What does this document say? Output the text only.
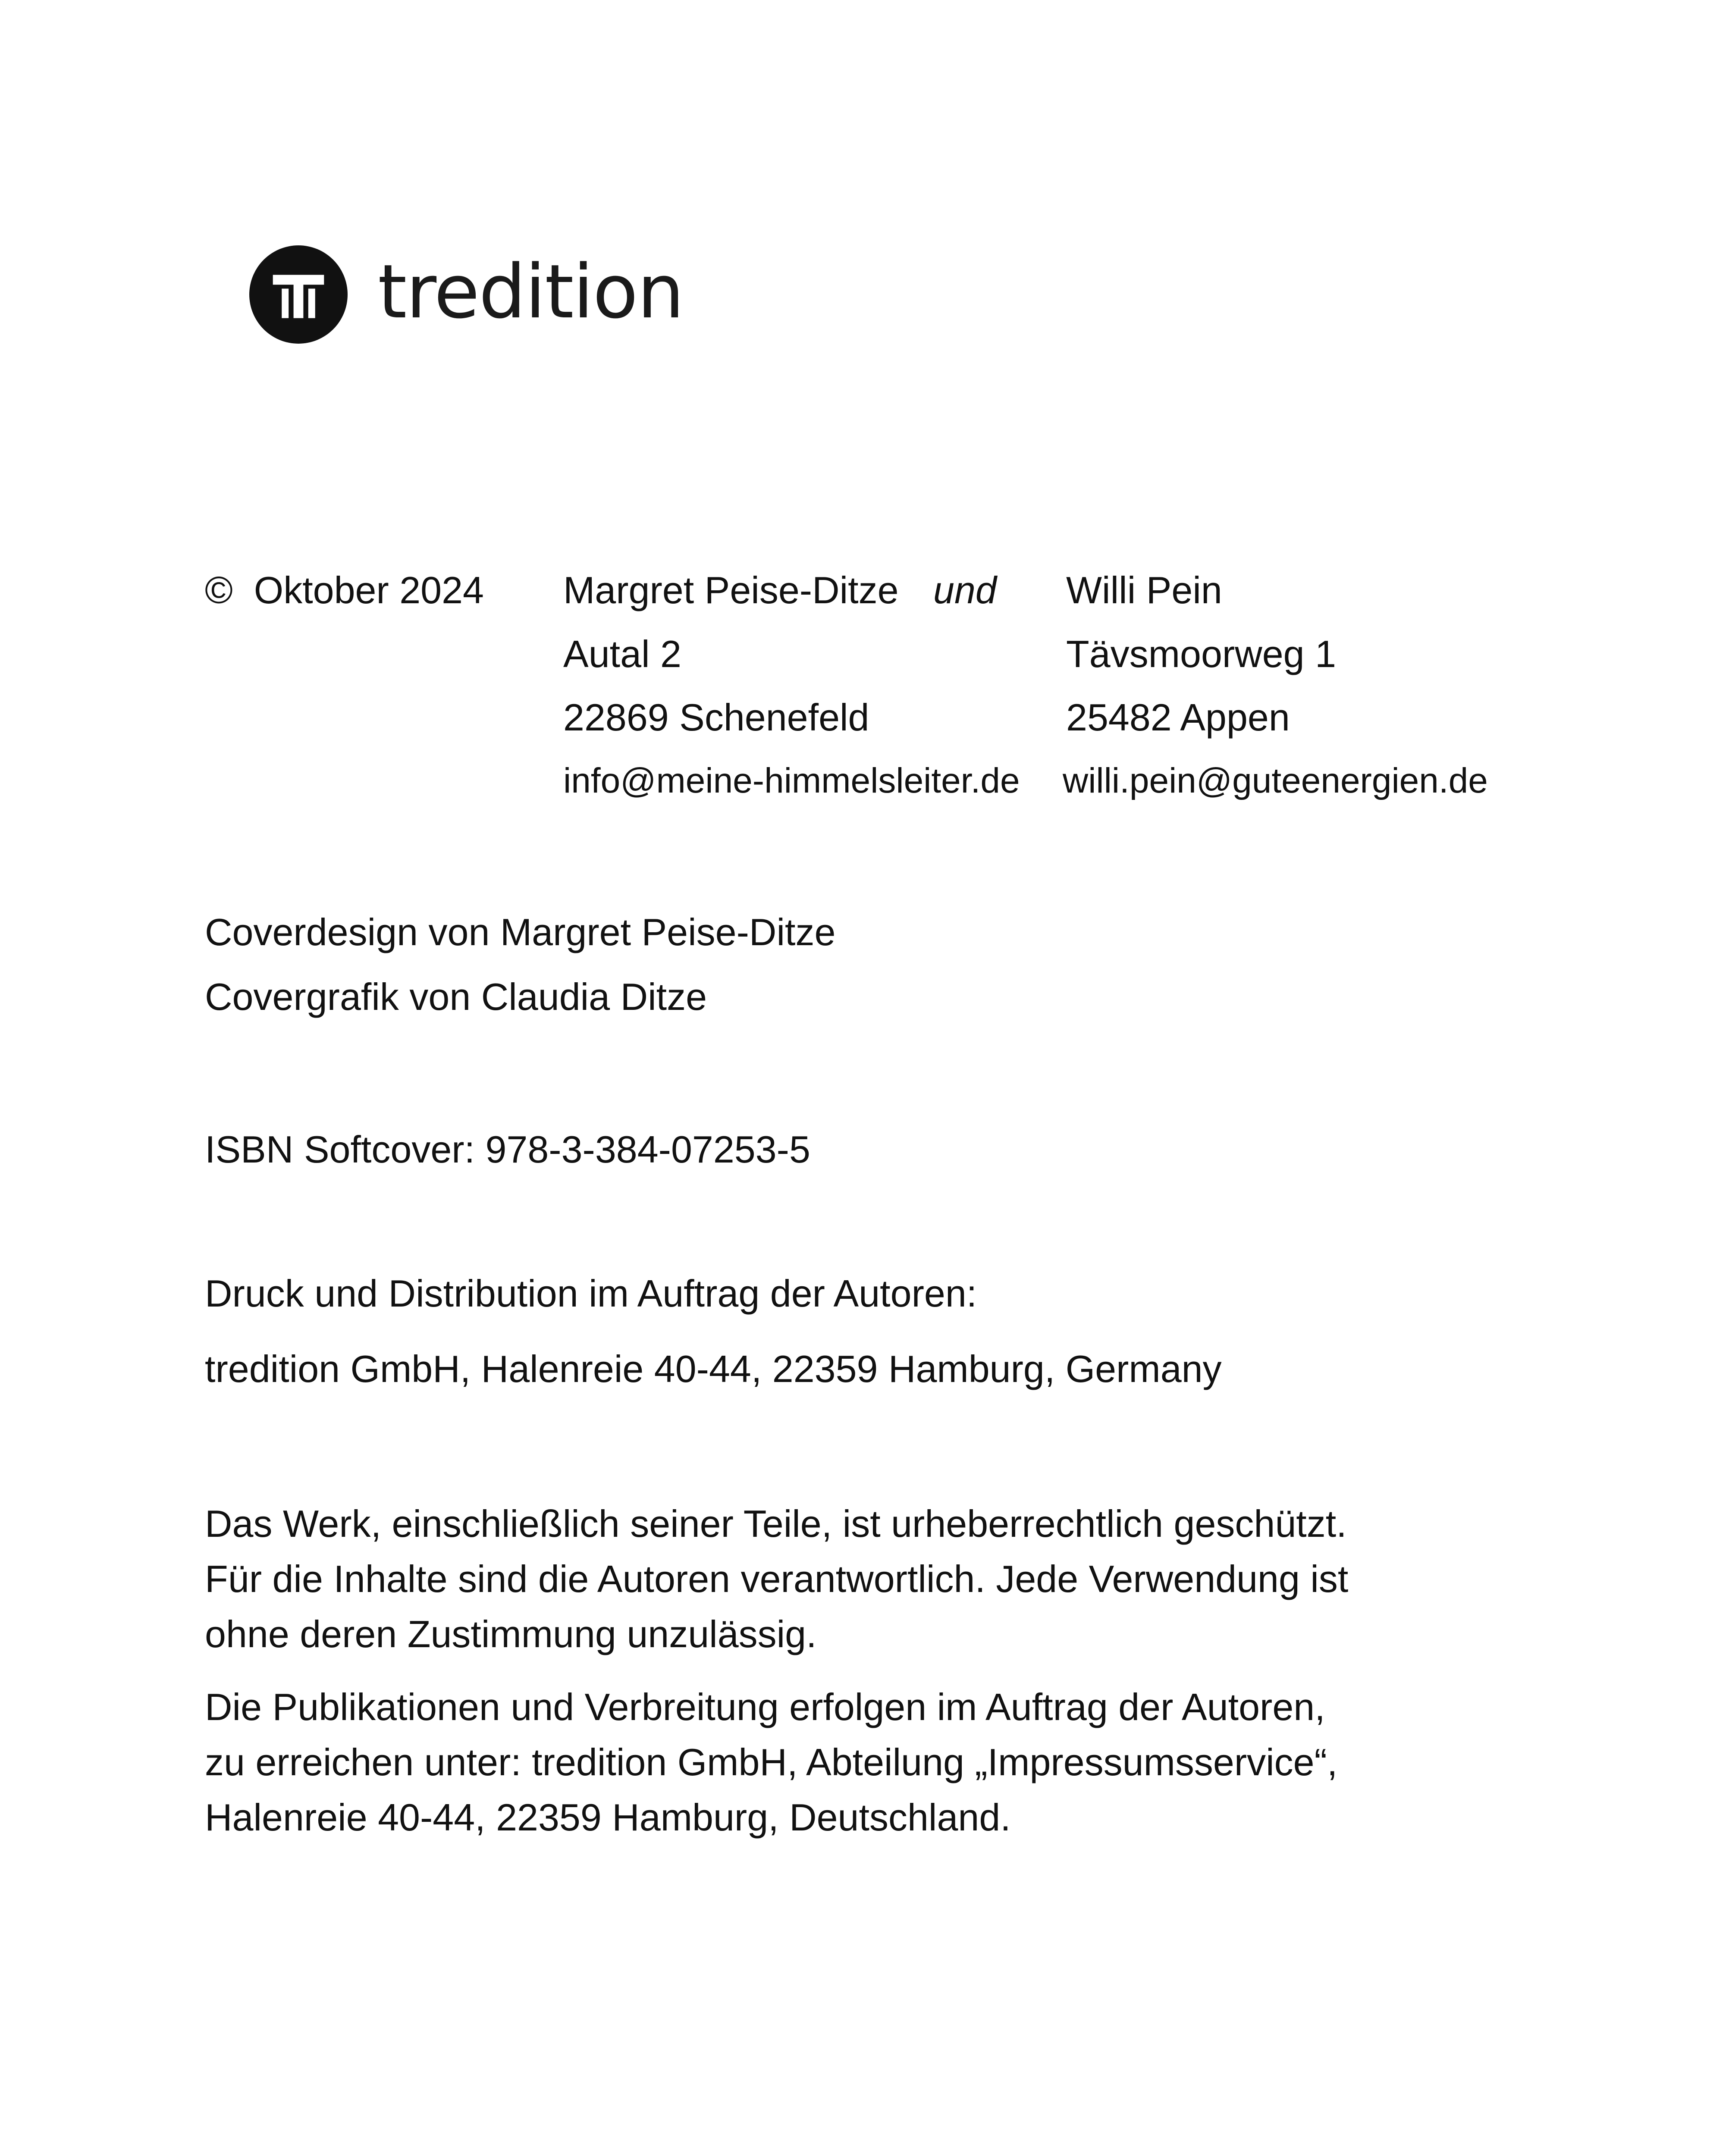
tredition
© Oktober 2024 Margret Peise-Ditze und
Autal 2
22869 Schenefeld
info@meine-himmelsleiter.de
Willi Pein
Tävsmoorweg 1
25482 Appen
willi.pein@guteenergien.de
Coverdesign von Margret Peise-Ditze
Covergrafik von Claudia Ditze
ISBN Softcover: 978-3-384-07253-5
Druck und Distribution im Auftrag der Autoren:
tredition GmbH, Halenreie 40-44, 22359 Hamburg, Germany
Das Werk, einschließlich seiner Teile, ist urheberrechtlich geschützt.
Für die Inhalte sind die Autoren verantwortlich. Jede Verwendung ist
ohne deren Zustimmung unzulässig.
Die Publikationen und Verbreitung erfolgen im Auftrag der Autoren,
zu erreichen unter: tredition GmbH, Abteilung „Impressumsservice“,
Halenreie 40-44, 22359 Hamburg, Deutschland.
